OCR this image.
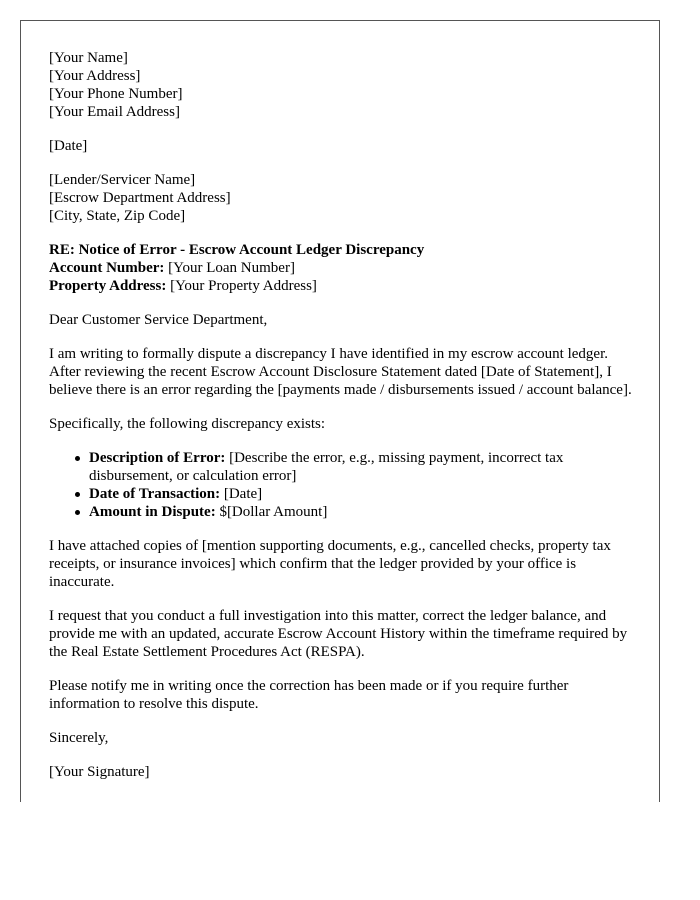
[Your Name]
[Your Address]
[Your Phone Number]
[Your Email Address]
[Date]
[Lender/Servicer Name]
[Escrow Department Address]
[City, State, Zip Code]
RE: Notice of Error - Escrow Account Ledger Discrepancy
Account Number: [Your Loan Number]
Property Address: [Your Property Address]

Dear Customer Service Department,

I am writing to formally dispute a discrepancy I have identified in my escrow account ledger. After reviewing the recent Escrow Account Disclosure Statement dated [Date of Statement], I believe there is an error regarding the [payments made / disbursements issued / account balance].

Specifically, the following discrepancy exists:

Description of Error: [Describe the error, e.g., missing payment, incorrect tax disbursement, or calculation error]
Date of Transaction: [Date]
Amount in Dispute: $[Dollar Amount]

I have attached copies of [mention supporting documents, e.g., cancelled checks, property tax receipts, or insurance invoices] which confirm that the ledger provided by your office is inaccurate.

I request that you conduct a full investigation into this matter, correct the ledger balance, and provide me with an updated, accurate Escrow Account History within the timeframe required by the Real Estate Settlement Procedures Act (RESPA).

Please notify me in writing once the correction has been made or if you require further information to resolve this dispute.

Sincerely,

[Your Signature]
